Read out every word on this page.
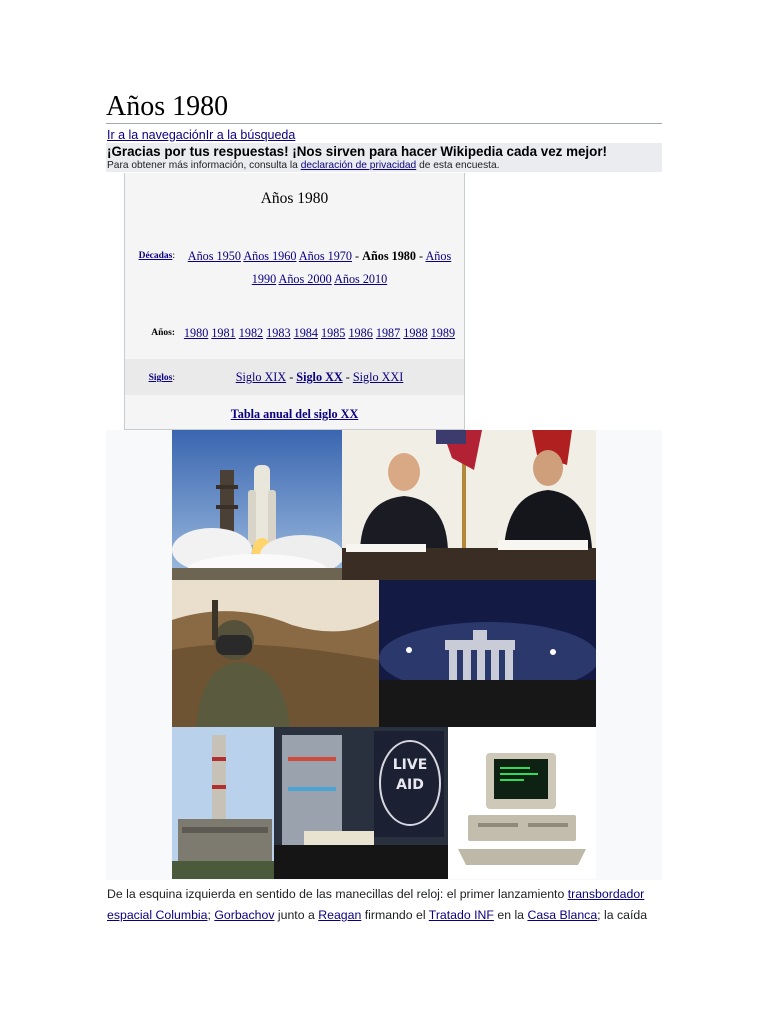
Años 1980
Ir a la navegaciónIr a la búsqueda
¡Gracias por tus respuestas! ¡Nos sirven para hacer Wikipedia cada vez mejor!
Para obtener más información, consulta la declaración de privacidad de esta encuesta.
Años 1980
Décadas:	Años 1950 Años 1960 Años 1970 - Años 1980 - Años
1990 Años 2000 Años 2010
Años: 1980 1981 1982 1983 1984 1985 1986 1987 1988 1989
Siglos:	Siglo XIX - Siglo XX - Siglo XXI
Tabla anual del siglo XX
LIVE
AID

De la esquina izquierda en sentido de las manecillas del reloj: el primer lanzamiento transbordador espacial Columbia; Gorbachov junto a Reagan firmando el Tratado INF en la Casa Blanca; la caída
